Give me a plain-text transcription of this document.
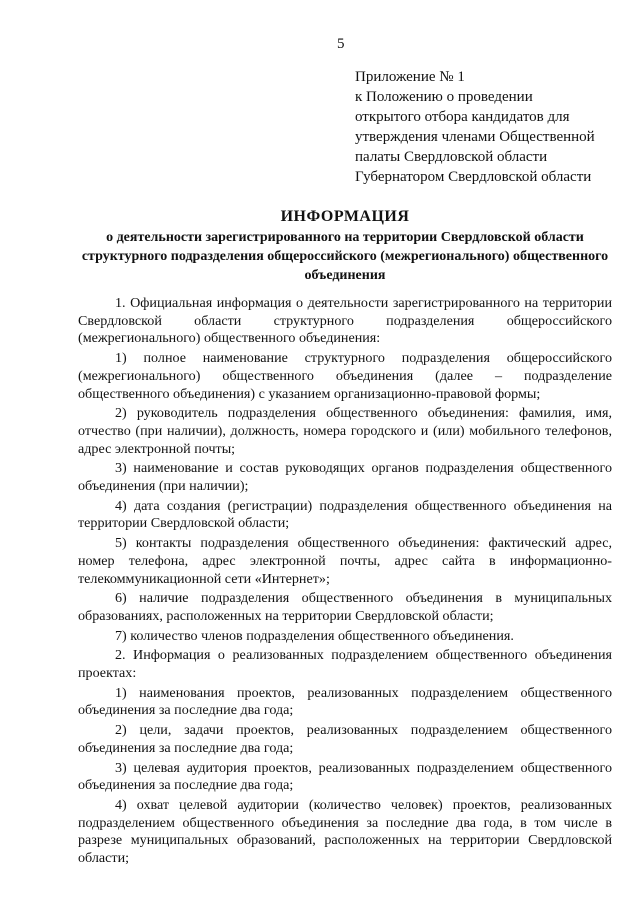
5
Приложение № 1
к Положению о проведении
открытого отбора кандидатов для
утверждения членами Общественной
палаты Свердловской области
Губернатором Свердловской области
ИНФОРМАЦИЯ
о деятельности зарегистрированного на территории Свердловской области структурного подразделения общероссийского (межрегионального) общественного объединения

1. Официальная информация о деятельности зарегистрированного на территории Свердловской области структурного подразделения общероссийского (межрегионального) общественного объединения:

1) полное наименование структурного подразделения общероссийского (межрегионального) общественного объединения (далее – подразделение общественного объединения) с указанием организационно-правовой формы;

2) руководитель подразделения общественного объединения: фамилия, имя, отчество (при наличии), должность, номера городского и (или) мобильного телефонов, адрес электронной почты;

3) наименование и состав руководящих органов подразделения общественного объединения (при наличии);

4) дата создания (регистрации) подразделения общественного объединения на территории Свердловской области;

5) контакты подразделения общественного объединения: фактический адрес, номер телефона, адрес электронной почты, адрес сайта в информационно-телекоммуникационной сети «Интернет»;

6) наличие подразделения общественного объединения в муниципальных образованиях, расположенных на территории Свердловской области;

7) количество членов подразделения общественного объединения.

2. Информация о реализованных подразделением общественного объединения проектах:

1) наименования проектов, реализованных подразделением общественного объединения за последние два года;

2) цели, задачи проектов, реализованных подразделением общественного объединения за последние два года;

3) целевая аудитория проектов, реализованных подразделением общественного объединения за последние два года;

4) охват целевой аудитории (количество человек) проектов, реализованных подразделением общественного объединения за последние два года, в том числе в разрезе муниципальных образований, расположенных на территории Свердловской области;
